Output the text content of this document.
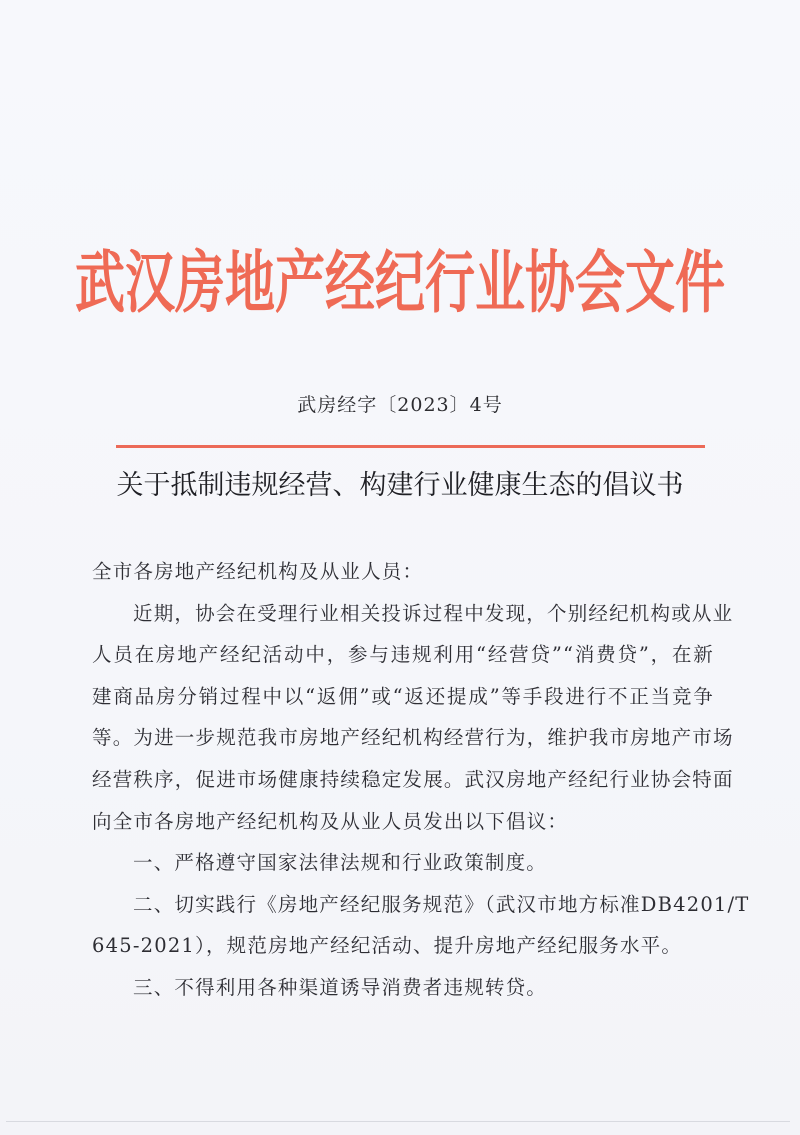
武汉房地产经纪行业协会文件
武房经字〔2023〕4号
关于抵制违规经营、构建行业健康生态的倡议书
全市各房地产经纪机构及从业人员：
近期，协会在受理行业相关投诉过程中发现，个别经纪机构或从业
人员在房地产经纪活动中，参与违规利用“经营贷”“消费贷”，在新
建商品房分销过程中以“返佣”或“返还提成”等手段进行不正当竞争
等。为进一步规范我市房地产经纪机构经营行为，维护我市房地产市场
经营秩序，促进市场健康持续稳定发展。武汉房地产经纪行业协会特面
向全市各房地产经纪机构及从业人员发出以下倡议：
一、严格遵守国家法律法规和行业政策制度。
二、切实践行《房地产经纪服务规范》（武汉市地方标准DB4201/T
645-2021），规范房地产经纪活动、提升房地产经纪服务水平。
三、不得利用各种渠道诱导消费者违规转贷。
